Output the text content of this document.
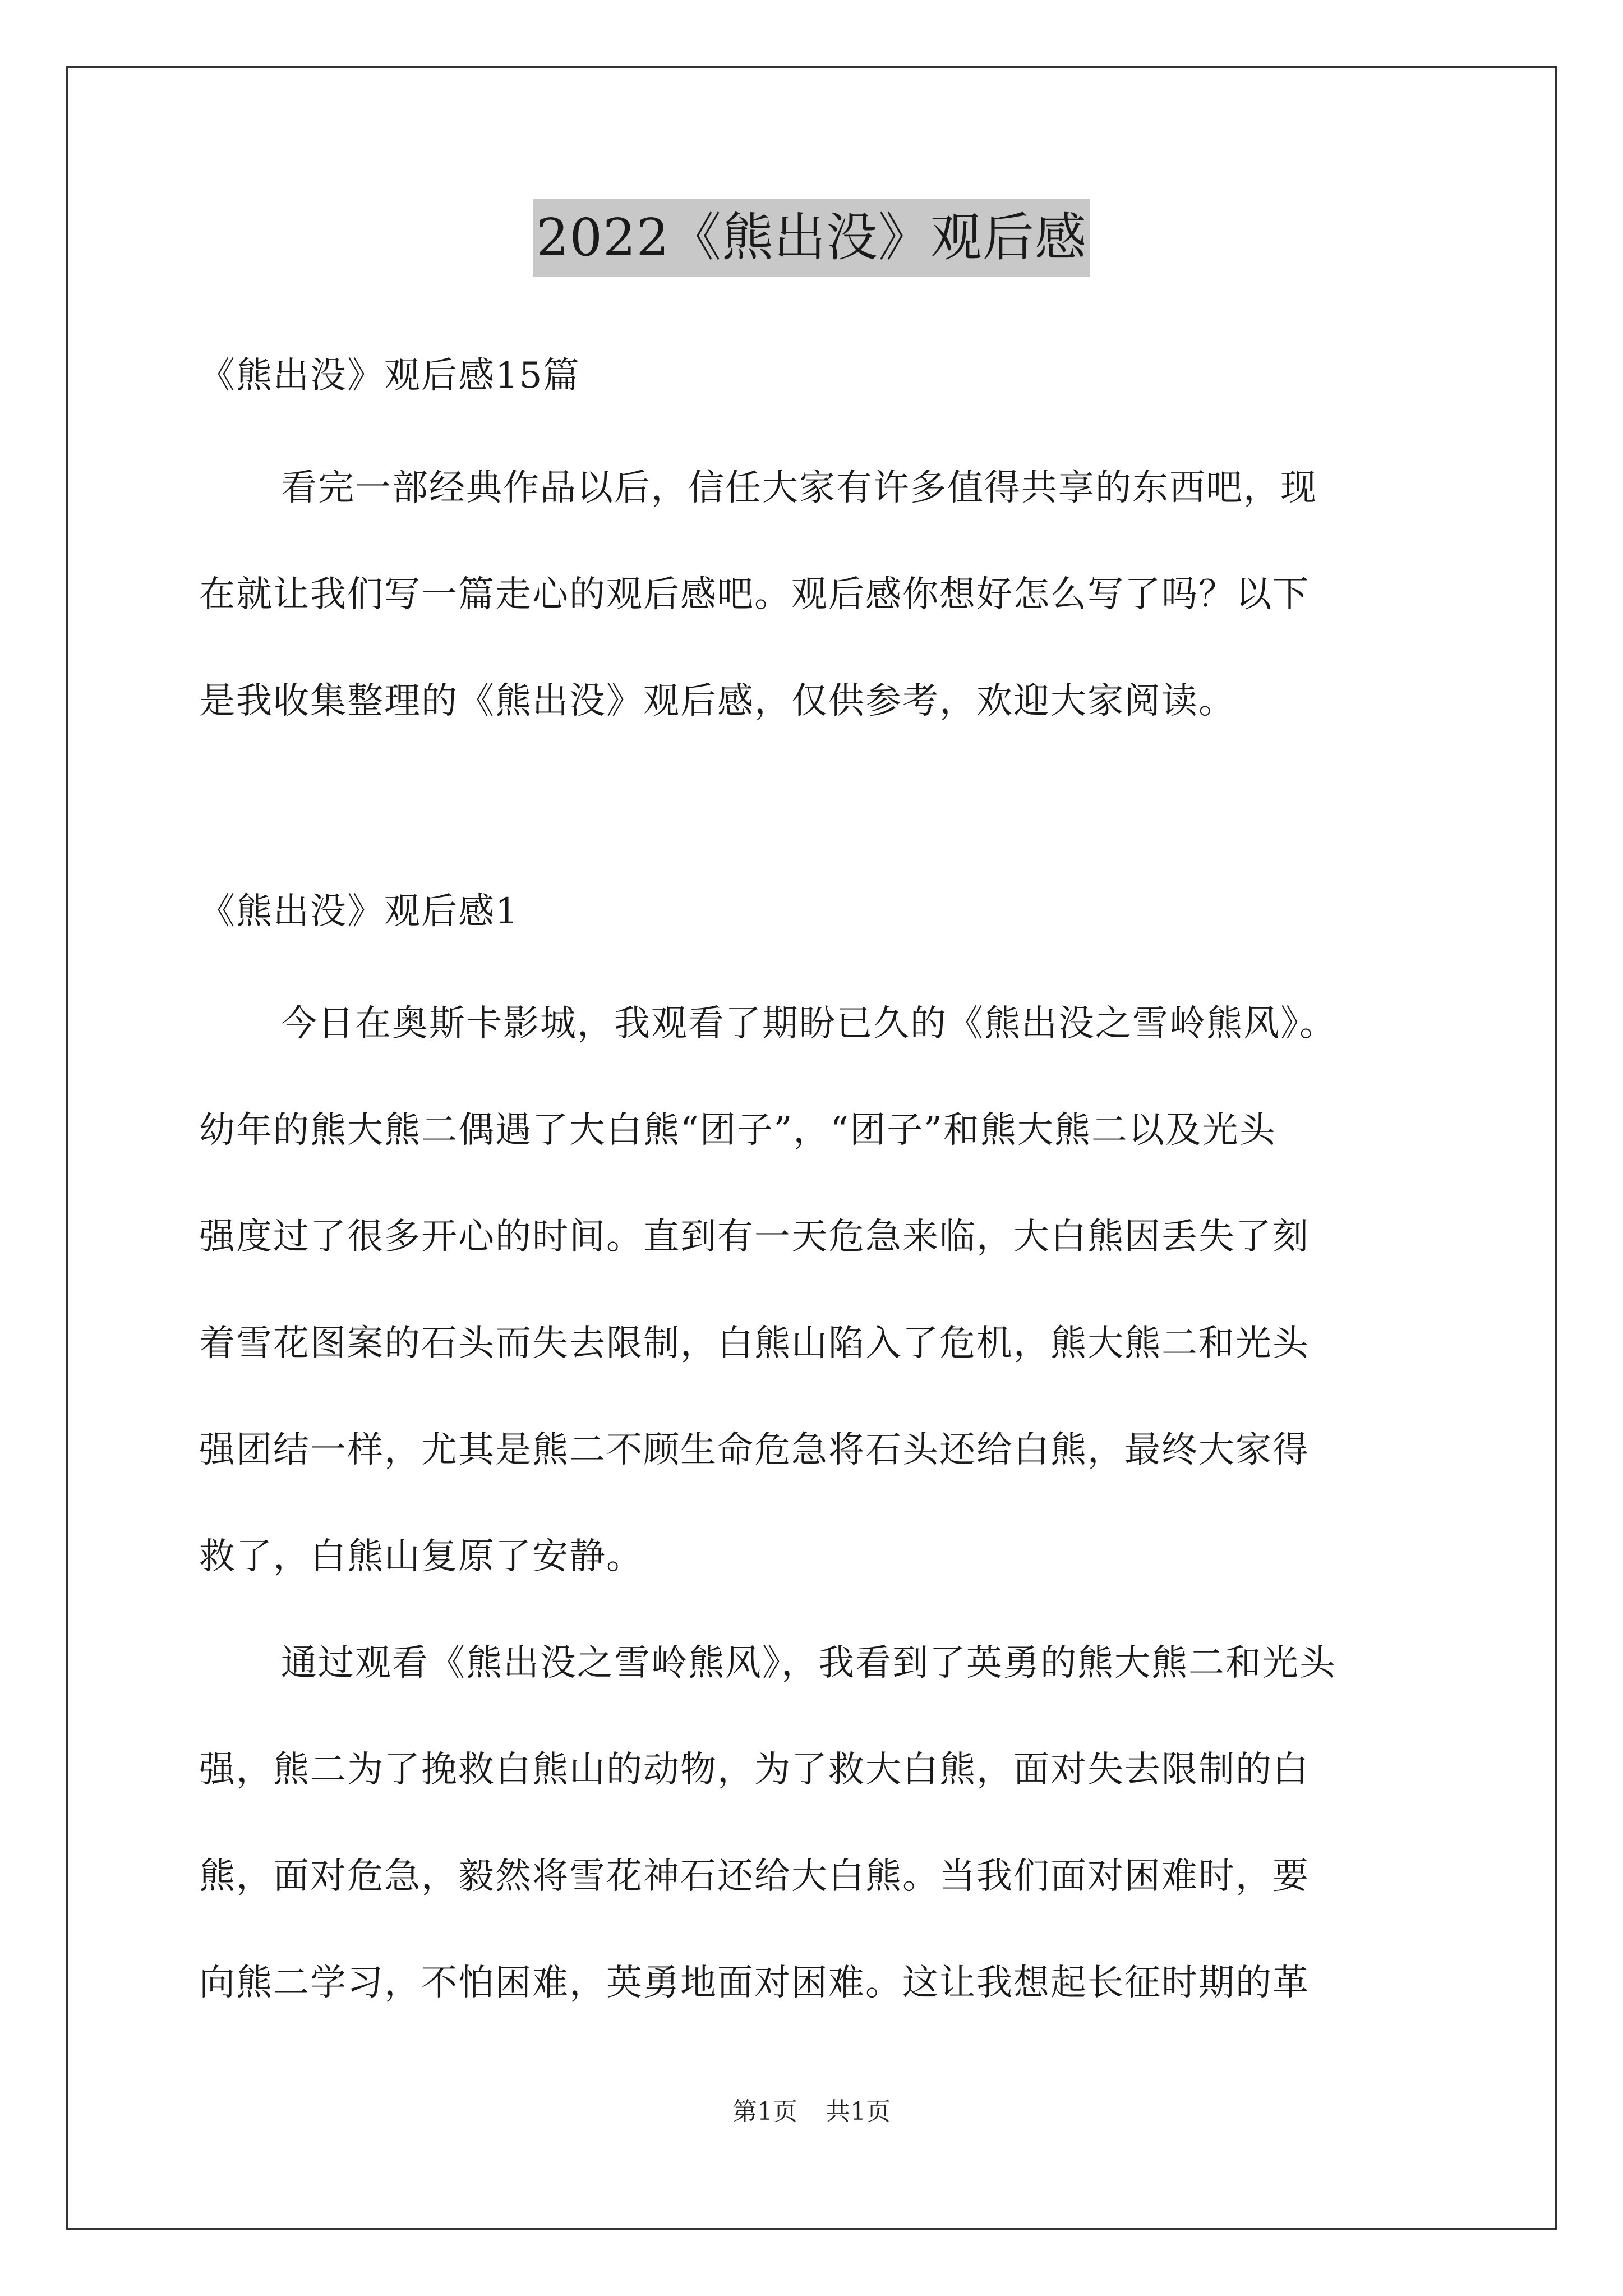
2022《熊出没》观后感
《熊出没》观后感15篇
看完一部经典作品以后，信任大家有许多值得共享的东西吧，现
在就让我们写一篇走心的观后感吧。观后感你想好怎么写了吗？以下
是我收集整理的《熊出没》观后感，仅供参考，欢迎大家阅读。
《熊出没》观后感1
今日在奥斯卡影城，我观看了期盼已久的《熊出没之雪岭熊风》。
幼年的熊大熊二偶遇了大白熊“团子”，“团子”和熊大熊二以及光头
强度过了很多开心的时间。直到有一天危急来临，大白熊因丢失了刻
着雪花图案的石头而失去限制，白熊山陷入了危机，熊大熊二和光头
强团结一样，尤其是熊二不顾生命危急将石头还给白熊，最终大家得
救了，白熊山复原了安静。
通过观看《熊出没之雪岭熊风》，我看到了英勇的熊大熊二和光头
强，熊二为了挽救白熊山的动物，为了救大白熊，面对失去限制的白
熊，面对危急，毅然将雪花神石还给大白熊。当我们面对困难时，要
向熊二学习，不怕困难，英勇地面对困难。这让我想起长征时期的革
第1页 共1页
